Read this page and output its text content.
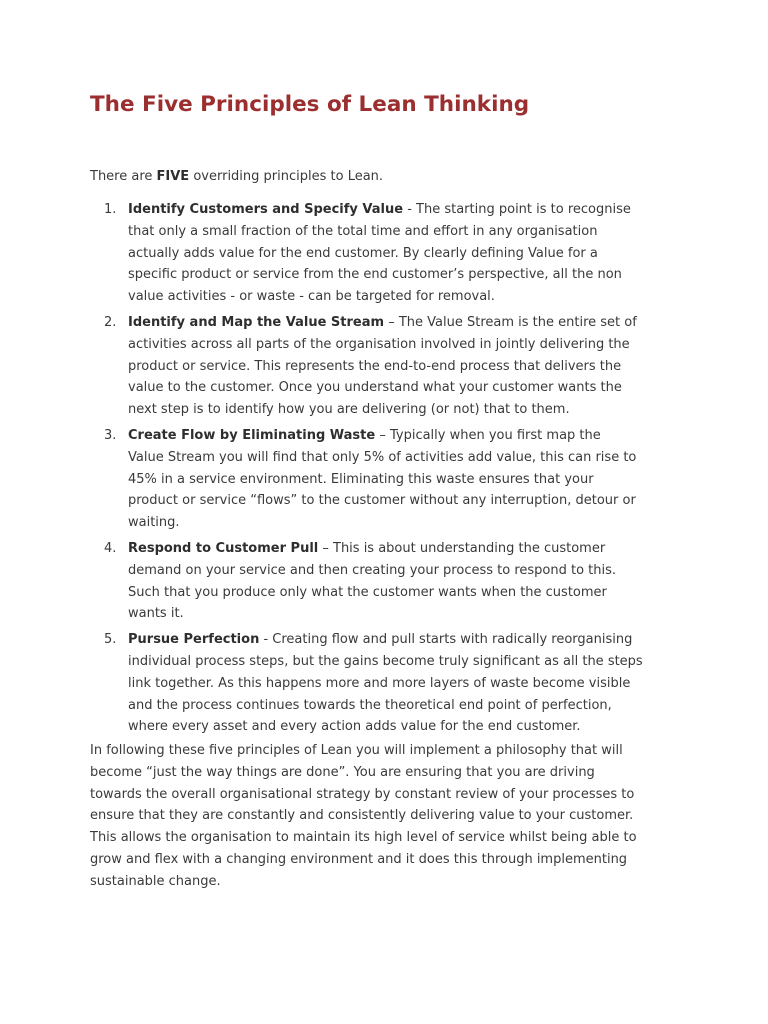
The Five Principles of Lean Thinking

There are FIVE overriding principles to Lean.

1. Identify Customers and Specify Value - The starting point is to recognise
that only a small fraction of the total time and effort in any organisation
actually adds value for the end customer. By clearly defining Value for a
specific product or service from the end customer’s perspective, all the non
value activities - or waste - can be targeted for removal.
2. Identify and Map the Value Stream – The Value Stream is the entire set of
activities across all parts of the organisation involved in jointly delivering the
product or service. This represents the end-to-end process that delivers the
value to the customer. Once you understand what your customer wants the
next step is to identify how you are delivering (or not) that to them.
3. Create Flow by Eliminating Waste – Typically when you first map the
Value Stream you will find that only 5% of activities add value, this can rise to
45% in a service environment. Eliminating this waste ensures that your
product or service “flows” to the customer without any interruption, detour or
waiting.
4. Respond to Customer Pull – This is about understanding the customer
demand on your service and then creating your process to respond to this.
Such that you produce only what the customer wants when the customer
wants it.
5. Pursue Perfection - Creating flow and pull starts with radically reorganising
individual process steps, but the gains become truly significant as all the steps
link together. As this happens more and more layers of waste become visible
and the process continues towards the theoretical end point of perfection,
where every asset and every action adds value for the end customer.

In following these five principles of Lean you will implement a philosophy that will
become “just the way things are done”. You are ensuring that you are driving
towards the overall organisational strategy by constant review of your processes to
ensure that they are constantly and consistently delivering value to your customer.
This allows the organisation to maintain its high level of service whilst being able to
grow and flex with a changing environment and it does this through implementing
sustainable change.
